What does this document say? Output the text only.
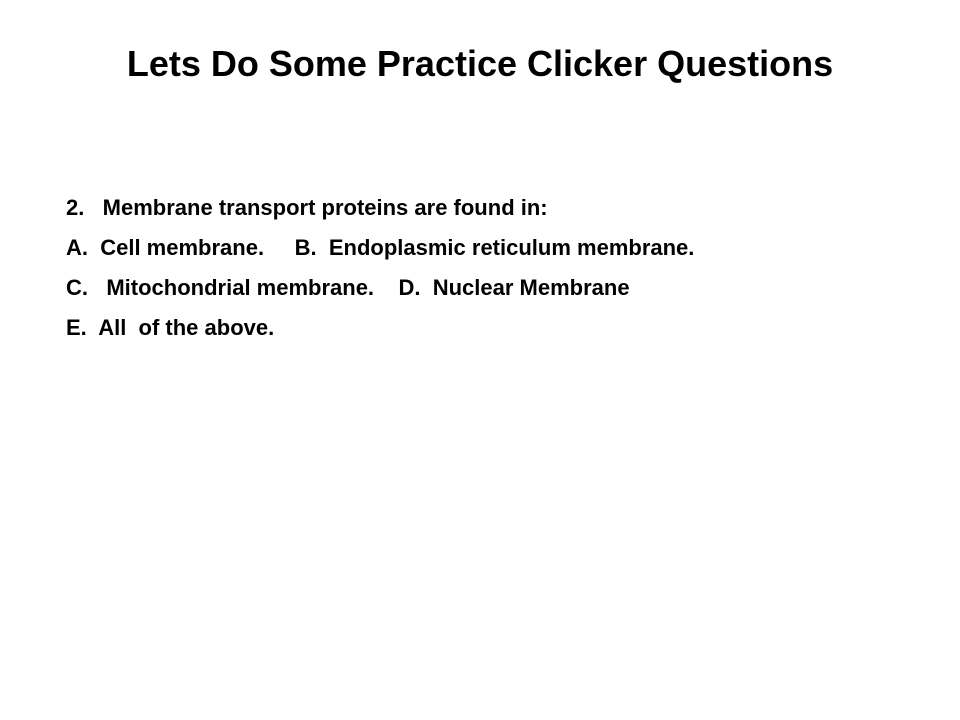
Lets Do Some Practice Clicker Questions
2.   Membrane transport proteins are found in:
A.  Cell membrane.     B.  Endoplasmic reticulum membrane.
C.   Mitochondrial membrane.    D.  Nuclear Membrane
E.  All  of the above.
